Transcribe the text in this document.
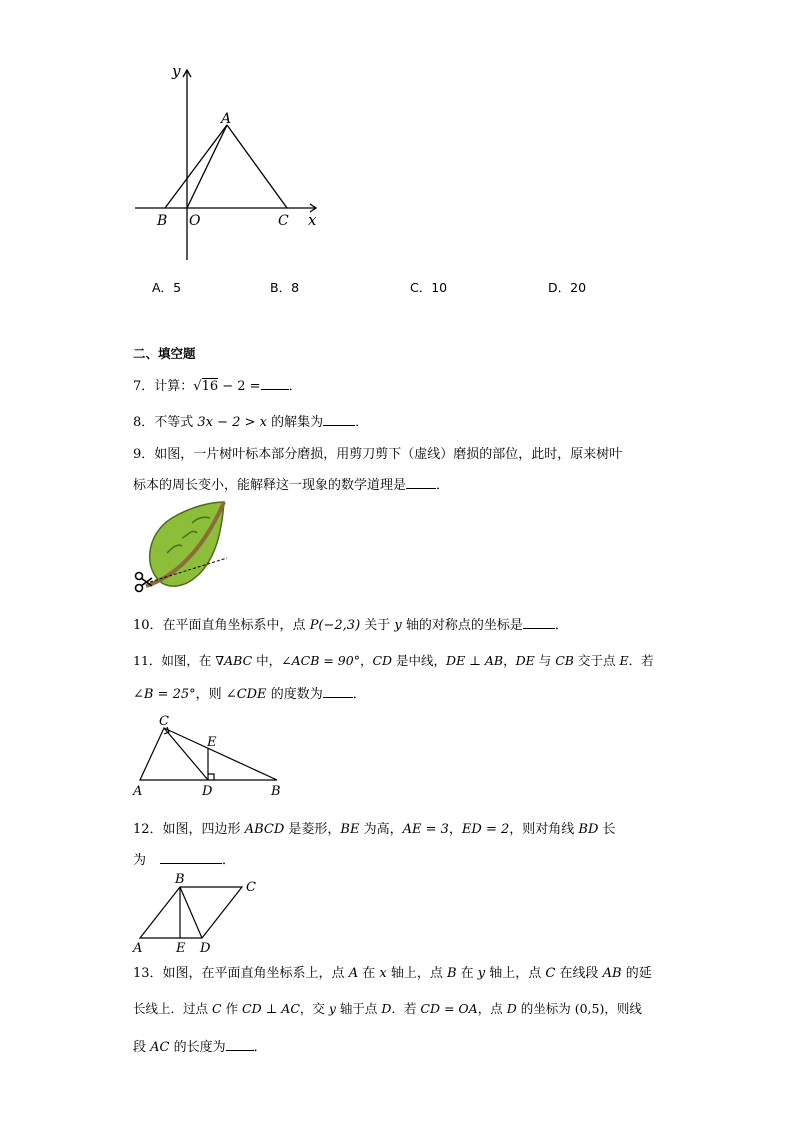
y
x
A
B O	C
A．5	B．8	C．10	D．20
二、填空题
7．计算：√16 − 2 = ．
8．不等式 3x − 2 > x 的解集为 ．
9．如图，一片树叶标本部分磨损，用剪刀剪下（虚线）磨损的部位，此时，原来树叶
标本的周长变小，能解释这一现象的数学道理是 ．
10．在平面直角坐标系中，点 P(−2,3) 关于 y 轴的对称点的坐标是 ．
11．如图，在 ∇ABC 中，∠ACB = 90°，CD 是中线，DE ⊥ AB，DE 与 CB 交于点 E．若
∠B = 25°，则 ∠CDE 的度数为 ．
C
E
A	D	B
12．如图，四边形 ABCD 是菱形，BE 为高，AE = 3，ED = 2，则对角线 BD 长
为	．
B
C
A	E D
13．如图，在平面直角坐标系上，点 A 在 x 轴上，点 B 在 y 轴上，点 C 在线段 AB 的延
长线上．过点 C 作 CD ⊥ AC，交 y 轴于点 D．若 CD = OA，点 D 的坐标为 (0,5)，则线
段 AC 的长度为 ．
